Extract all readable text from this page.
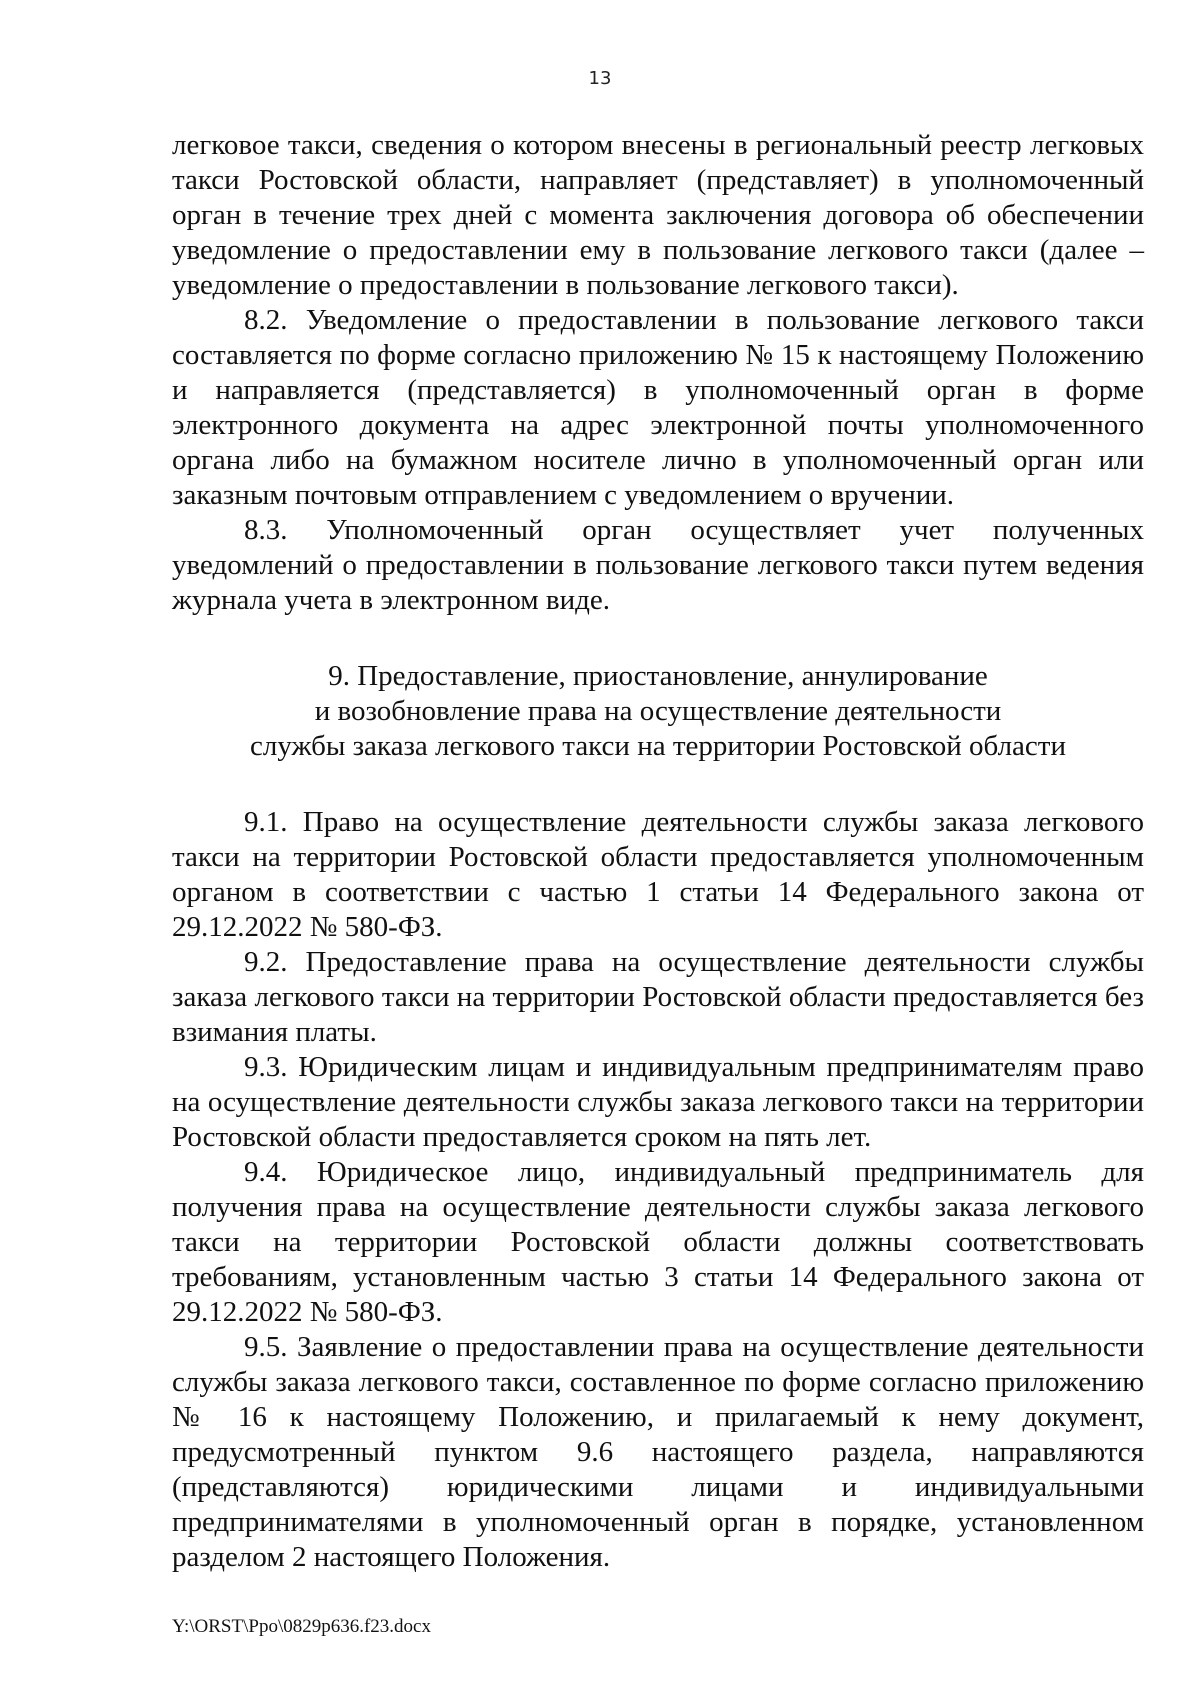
13

легковое такси, сведения о котором внесены в региональный реестр легковых такси Ростовской области, направляет (представляет) в уполномоченный орган в течение трех дней с момента заключения договора об обеспечении уведомление о предоставлении ему в пользование легкового такси (далее – уведомление о предоставлении в пользование легкового такси).

8.2. Уведомление о предоставлении в пользование легкового такси составляется по форме согласно приложению № 15 к настоящему Положению и направляется (представляется) в уполномоченный орган в форме электронного документа на адрес электронной почты уполномоченного органа либо на бумажном носителе лично в уполномоченный орган или заказным почтовым отправлением с уведомлением о вручении.

8.3. Уполномоченный орган осуществляет учет полученных уведомлений о предоставлении в пользование легкового такси путем ведения журнала учета в электронном виде.

9. Предоставление, приостановление, аннулирование
и возобновление права на осуществление деятельности
службы заказа легкового такси на территории Ростовской области

9.1. Право на осуществление деятельности службы заказа легкового такси на территории Ростовской области предоставляется уполномоченным органом в соответствии с частью 1 статьи 14 Федерального закона от 29.12.2022 № 580-ФЗ.

9.2. Предоставление права на осуществление деятельности службы заказа легкового такси на территории Ростовской области предоставляется без взимания платы.

9.3. Юридическим лицам и индивидуальным предпринимателям право на осуществление деятельности службы заказа легкового такси на территории Ростовской области предоставляется сроком на пять лет.

9.4. Юридическое лицо, индивидуальный предприниматель для получения права на осуществление деятельности службы заказа легкового такси на территории Ростовской области должны соответствовать требованиям, установленным частью 3 статьи 14 Федерального закона от 29.12.2022 № 580-ФЗ.

9.5. Заявление о предоставлении права на осуществление деятельности службы заказа легкового такси, составленное по форме согласно приложению № 16 к настоящему Положению, и прилагаемый к нему документ, предусмотренный пунктом 9.6 настоящего раздела, направляются (представляются) юридическими лицами и индивидуальными предпринимателями в уполномоченный орган в порядке, установленном разделом 2 настоящего Положения.

Y:\ORST\Ppo\0829p636.f23.docx
